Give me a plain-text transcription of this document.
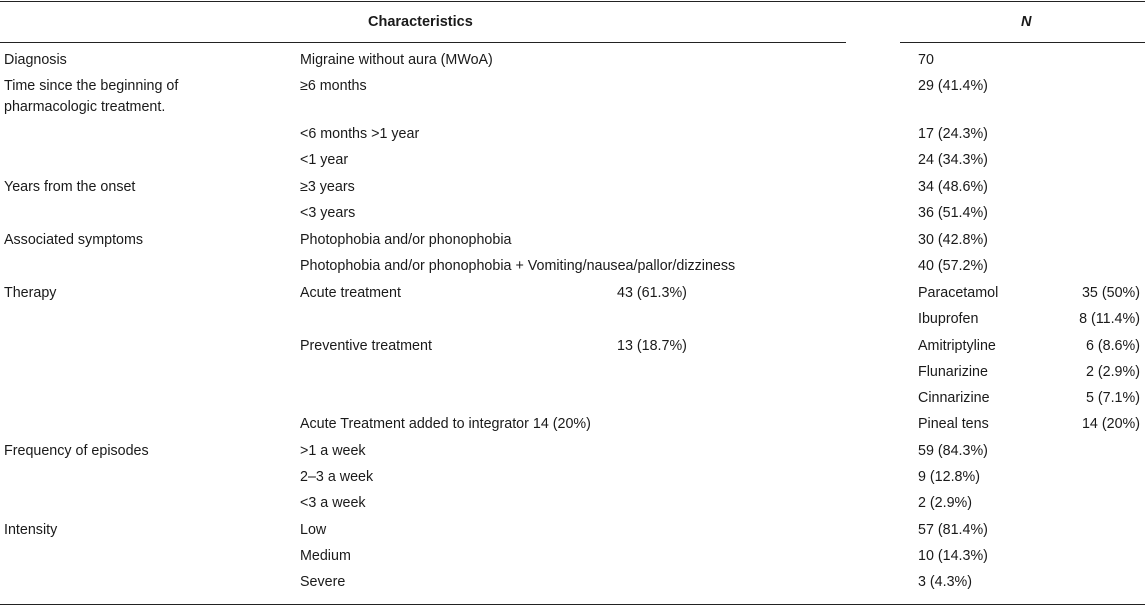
Characteristics	N
Diagnosis	Migraine without aura (MWoA)	70
Time since the beginning of	≥6 months	29 (41.4%)
pharmacologic treatment.
<6 months >1 year	17 (24.3%)
<1 year	24 (34.3%)
Years from the onset	≥3 years	34 (48.6%)
<3 years	36 (51.4%)
Associated symptoms	Photophobia and/or phonophobia	30 (42.8%)
Photophobia and/or phonophobia + Vomiting/nausea/pallor/dizziness	40 (57.2%)
Therapy	Acute treatment	43 (61.3%)	Paracetamol	35 (50%)
Ibuprofen	8 (11.4%)
Preventive treatment	13 (18.7%)	Amitriptyline	6 (8.6%)
Flunarizine	2 (2.9%)
Cinnarizine	5 (7.1%)
Acute Treatment added to integrator 14 (20%)	Pineal tens	14 (20%)
Frequency of episodes	>1 a week	59 (84.3%)
2–3 a week	9 (12.8%)
<3 a week	2 (2.9%)
Intensity	Low	57 (81.4%)
Medium	10 (14.3%)
Severe	3 (4.3%)
